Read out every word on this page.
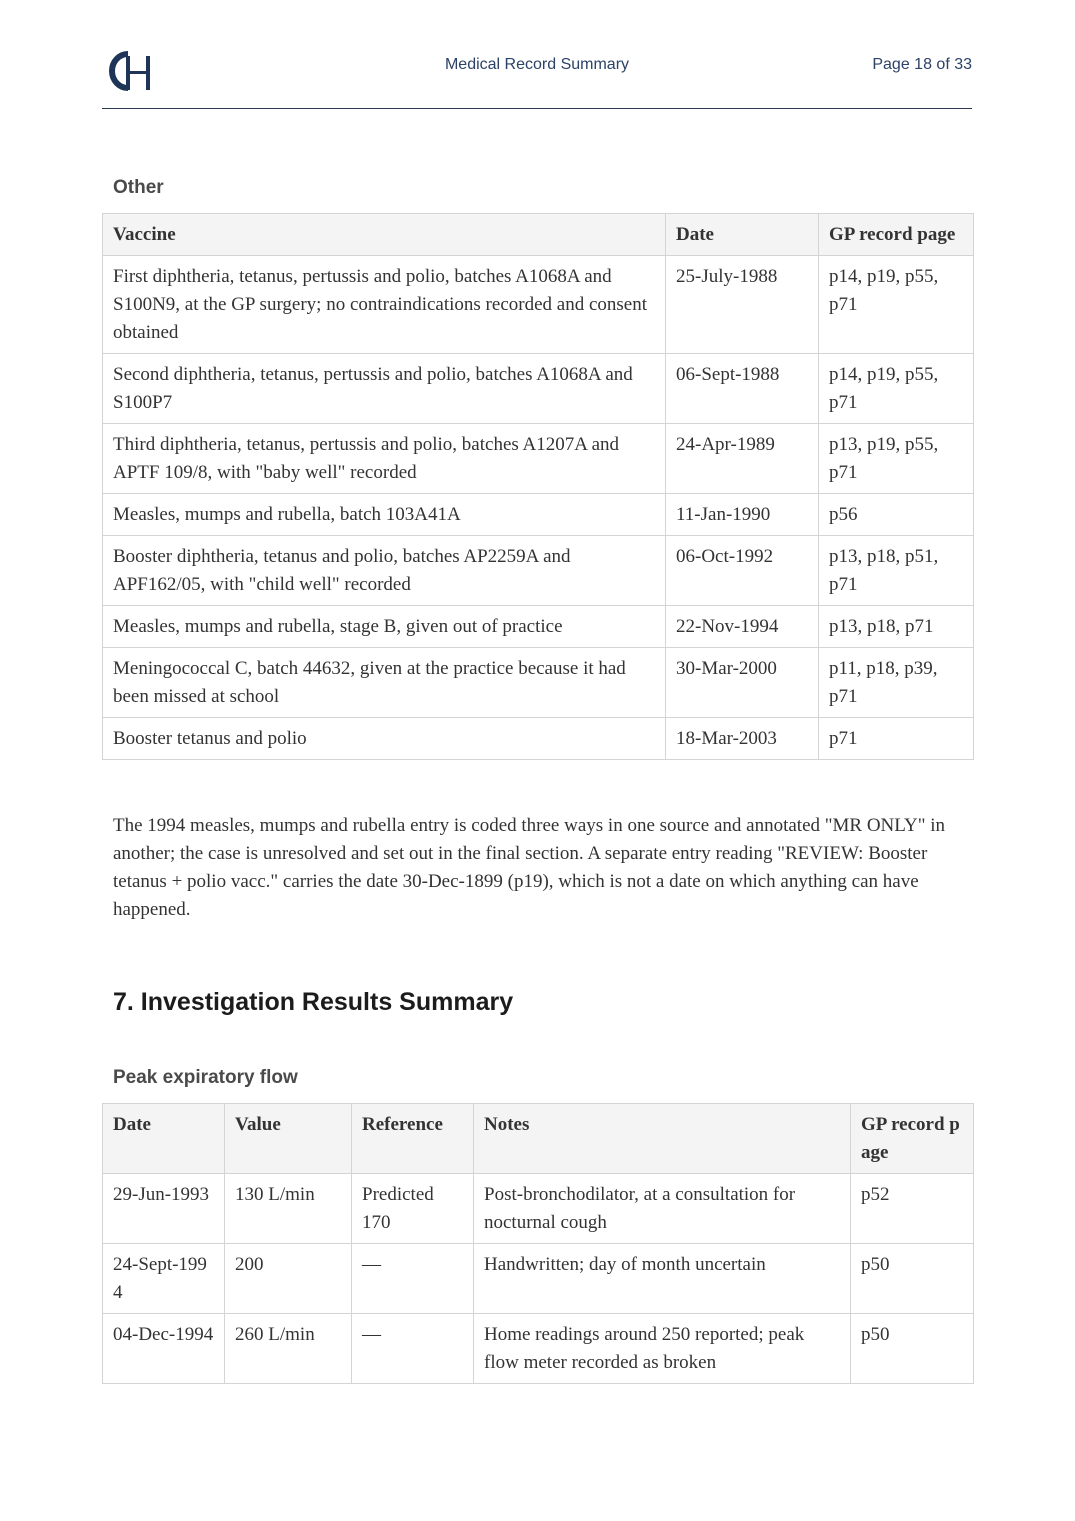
Medical Record Summary	Page 18 of 33
Other
Vaccine	Date	GP record page
First diphtheria, tetanus, pertussis and polio, batches A1068A and S100N9, at the GP surgery; no contraindications recorded and consent obtained	25-July-1988	p14, p19, p55, p71
Second diphtheria, tetanus, pertussis and polio, batches A1068A and S100P7	06-Sept-1988	p14, p19, p55, p71
Third diphtheria, tetanus, pertussis and polio, batches A1207A and APTF 109/8, with "baby well" recorded	24-Apr-1989	p13, p19, p55, p71
Measles, mumps and rubella, batch 103A41A	11-Jan-1990	p56
Booster diphtheria, tetanus and polio, batches AP2259A and APF162/05, with "child well" recorded	06-Oct-1992	p13, p18, p51, p71
Measles, mumps and rubella, stage B, given out of practice	22-Nov-1994	p13, p18, p71
Meningococcal C, batch 44632, given at the practice because it had been missed at school	30-Mar-2000	p11, p18, p39, p71
Booster tetanus and polio	18-Mar-2003	p71

The 1994 measles, mumps and rubella entry is coded three ways in one source and annotated "MR ONLY" in another; the case is unresolved and set out in the final section. A separate entry reading "REVIEW: Booster tetanus + polio vacc." carries the date 30-Dec-1899 (p19), which is not a date on which anything can have happened.

7. Investigation Results Summary
Peak expiratory flow
Date	Value	Reference	Notes	GP record page
29-Jun-1993	130 L/min	Predicted 170	Post-bronchodilator, at a consultation for nocturnal cough	p52
24-Sept-1994	200	—	Handwritten; day of month uncertain	p50
04-Dec-1994	260 L/min	—	Home readings around 250 reported; peak flow meter recorded as broken	p50
